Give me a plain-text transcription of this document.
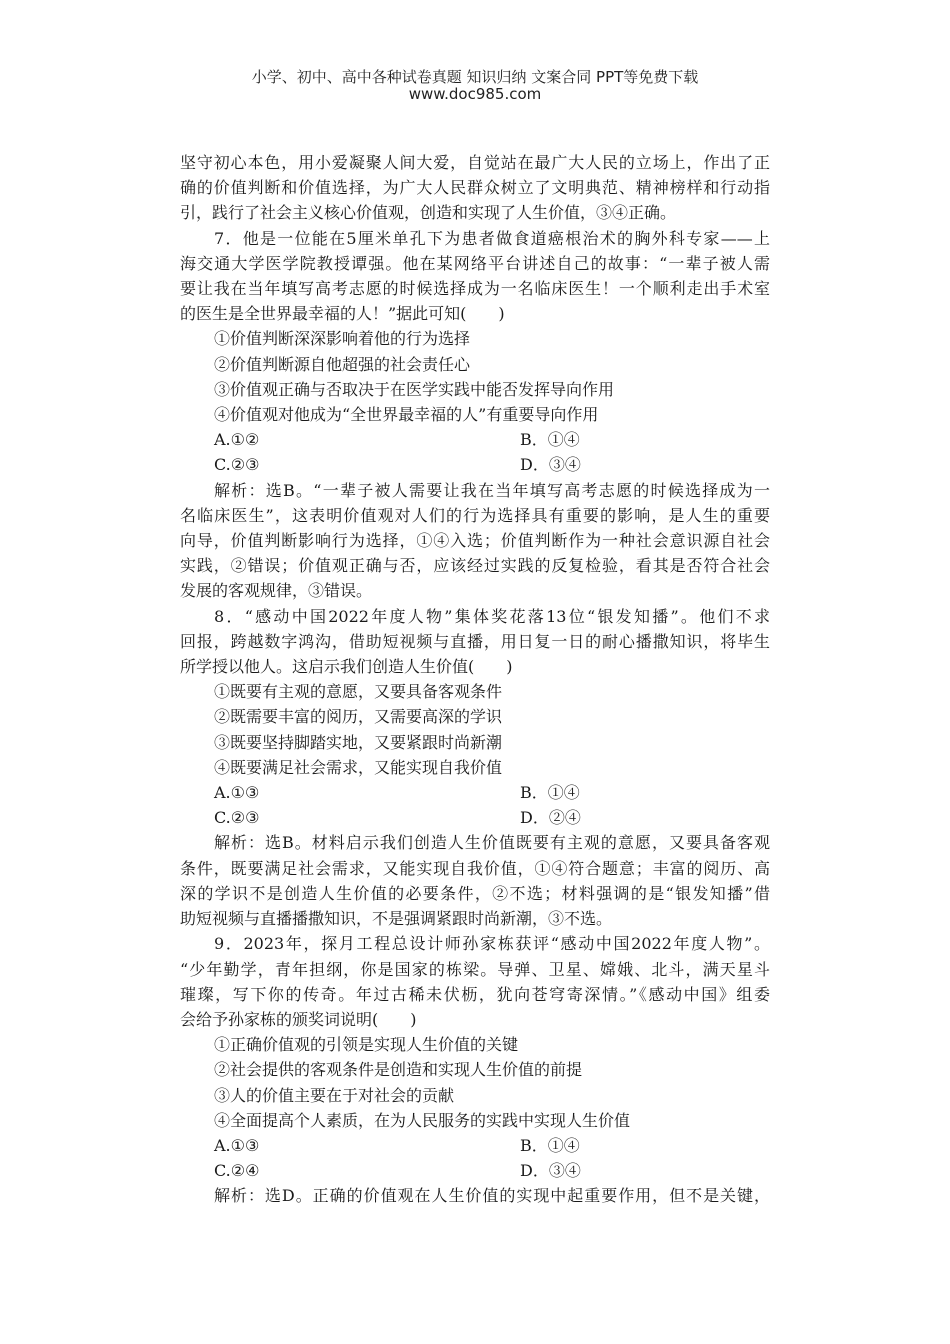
小学、初中、高中各种试卷真题 知识归纳 文案合同 PPT等免费下载
www.doc985.com

坚守初心本色，用小爱凝聚人间大爱，自觉站在最广大人民的立场上，作出了正

确的价值判断和价值选择，为广大人民群众树立了文明典范、精神榜样和行动指

引，践行了社会主义核心价值观，创造和实现了人生价值，③④正确。

7．他是一位能在5厘米单孔下为患者做食道癌根治术的胸外科专家——上

海交通大学医学院教授谭强。他在某网络平台讲述自己的故事：“一辈子被人需

要让我在当年填写高考志愿的时候选择成为一名临床医生！一个顺利走出手术室

的医生是全世界最幸福的人！”据此可知(　　)

①价值判断深深影响着他的行为选择

②价值判断源自他超强的社会责任心

③价值观正确与否取决于在医学实践中能否发挥导向作用

④价值观对他成为“全世界最幸福的人”有重要导向作用

A.①②	B．①④

C.②③	D．③④

解析：选B。“一辈子被人需要让我在当年填写高考志愿的时候选择成为一

名临床医生”，这表明价值观对人们的行为选择具有重要的影响，是人生的重要

向导，价值判断影响行为选择，①④入选；价值判断作为一种社会意识源自社会

实践，②错误；价值观正确与否，应该经过实践的反复检验，看其是否符合社会

发展的客观规律，③错误。

8．“感动中国2022年度人物”集体奖花落13位“银发知播”。他们不求

回报，跨越数字鸿沟，借助短视频与直播，用日复一日的耐心播撒知识，将毕生

所学授以他人。这启示我们创造人生价值(　　)

①既要有主观的意愿，又要具备客观条件

②既需要丰富的阅历，又需要高深的学识

③既要坚持脚踏实地，又要紧跟时尚新潮

④既要满足社会需求，又能实现自我价值

A.①③	B．①④

C.②③	D．②④

解析：选B。材料启示我们创造人生价值既要有主观的意愿，又要具备客观

条件，既要满足社会需求，又能实现自我价值，①④符合题意；丰富的阅历、高

深的学识不是创造人生价值的必要条件，②不选；材料强调的是“银发知播”借

助短视频与直播播撒知识，不是强调紧跟时尚新潮，③不选。

9．2023年，探月工程总设计师孙家栋获评“感动中国2022年度人物”。

“少年勤学，青年担纲，你是国家的栋梁。导弹、卫星、嫦娥、北斗，满天星斗

璀璨，写下你的传奇。年过古稀未伏枥，犹向苍穹寄深情。”《感动中国》组委

会给予孙家栋的颁奖词说明(　　)

①正确价值观的引领是实现人生价值的关键

②社会提供的客观条件是创造和实现人生价值的前提

③人的价值主要在于对社会的贡献

④全面提高个人素质，在为人民服务的实践中实现人生价值

A.①③	B．①④

C.②④	D．③④

解析：选D。正确的价值观在人生价值的实现中起重要作用，但不是关键，
